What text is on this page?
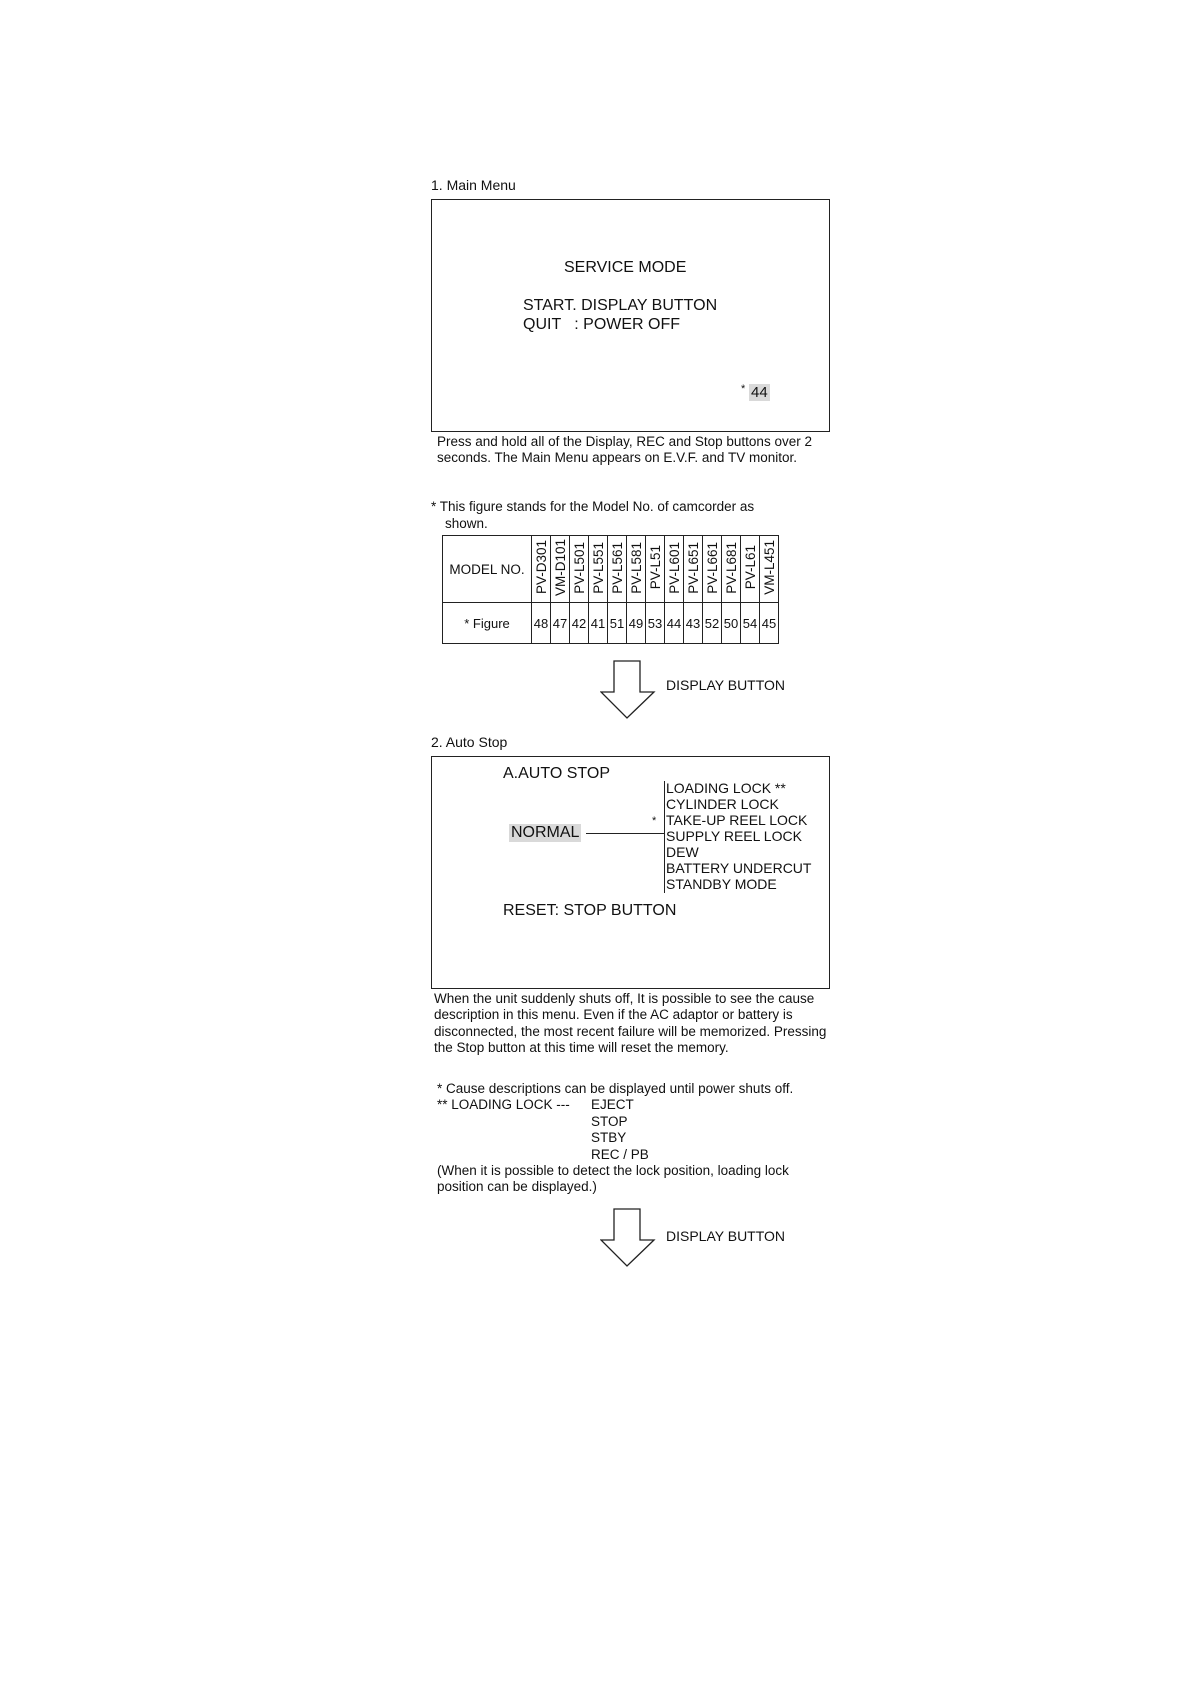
1. Main Menu
SERVICE MODE
START. DISPLAY BUTTON
QUIT   : POWER OFF
* 44
Press and hold all of the Display, REC and Stop buttons over 2 seconds. The Main Menu appears on E.V.F. and TV monitor.
* This figure stands for the Model No. of camcorder as
shown.
MODEL NO.	PV-D301	VM-D101	PV-L501	PV-L551	PV-L561	PV-L581	PV-L51	PV-L601	PV-L651	PV-L661	PV-L681	PV-L61	VM-L451
* Figure	48	47	42	41	51	49	53	44	43	52	50	54	45
DISPLAY BUTTON
2. Auto Stop
A.AUTO STOP
NORMAL
*
LOADING LOCK **
CYLINDER LOCK
TAKE-UP REEL LOCK
SUPPLY REEL LOCK
DEW
BATTERY UNDERCUT
STANDBY MODE
RESET: STOP BUTTON
When the unit suddenly shuts off, It is possible to see the cause description in this menu. Even if the AC adaptor or battery is disconnected, the most recent failure will be memorized. Pressing the Stop button at this time will reset the memory.
* Cause descriptions can be displayed until power shuts off.
** LOADING LOCK --- EJECT
STOP
STBY
REC / PB
(When it is possible to detect the lock position, loading lock position can be displayed.)
DISPLAY BUTTON
